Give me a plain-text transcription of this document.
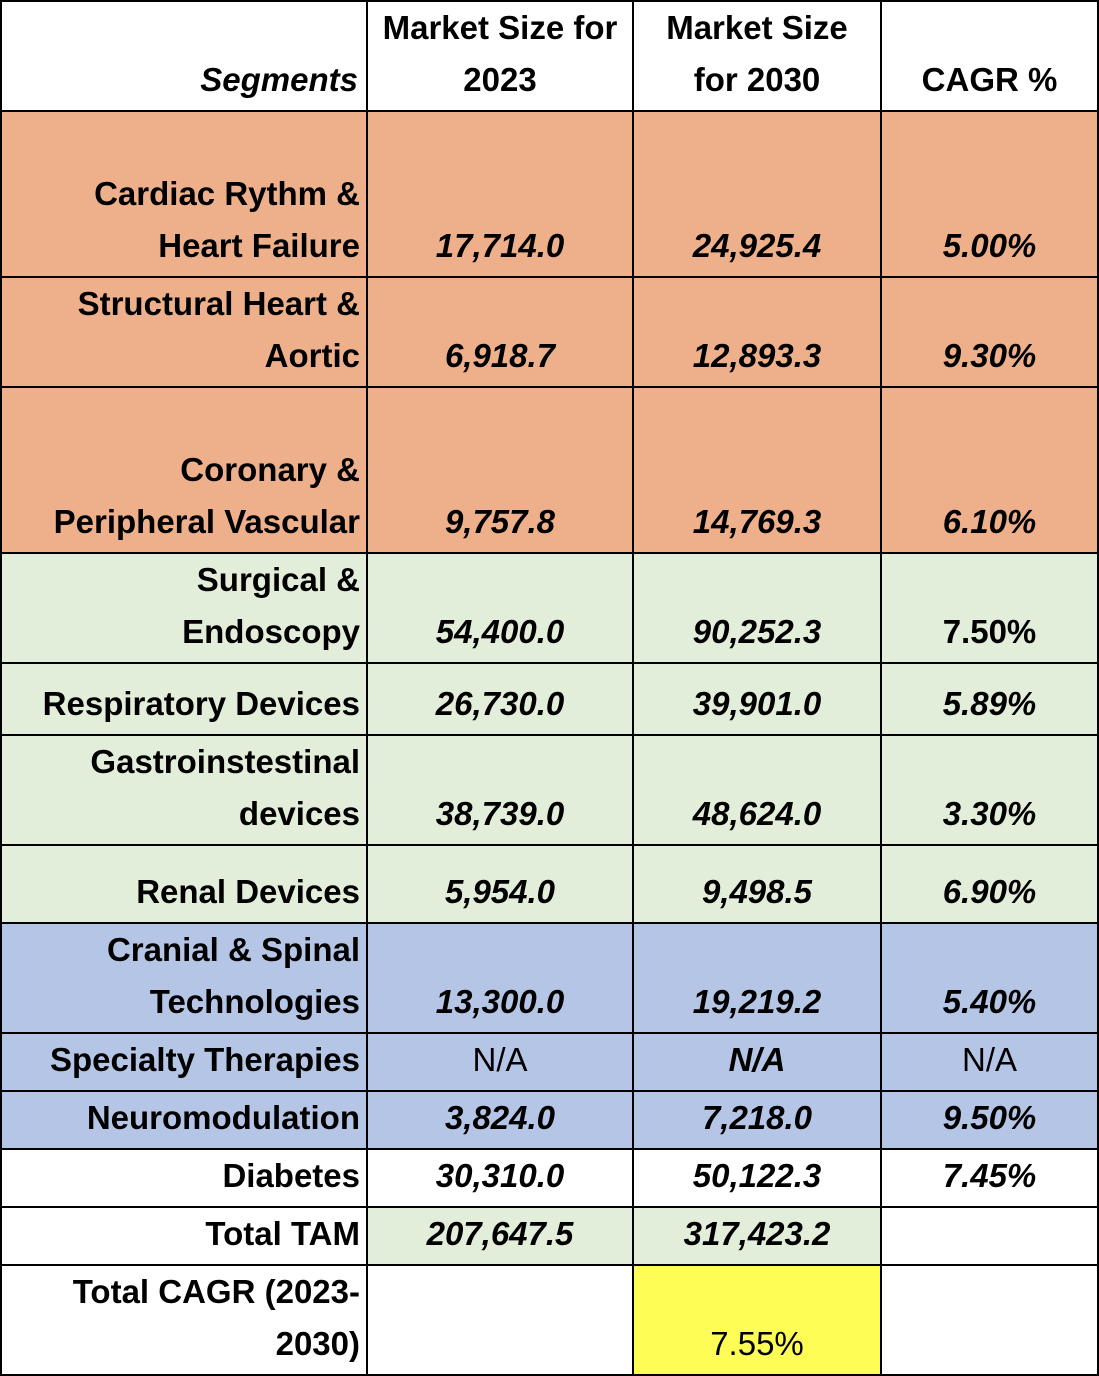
Segments	Market Size for 2023	Market Size for 2030	CAGR %
Cardiac Rythm & Heart Failure	17,714.0	24,925.4	5.00%
Structural Heart & Aortic	6,918.7	12,893.3	9.30%
Coronary & Peripheral Vascular	9,757.8	14,769.3	6.10%
Surgical & Endoscopy	54,400.0	90,252.3	7.50%
Respiratory Devices	26,730.0	39,901.0	5.89%
Gastroinstestinal devices	38,739.0	48,624.0	3.30%
Renal Devices	5,954.0	9,498.5	6.90%
Cranial & Spinal Technologies	13,300.0	19,219.2	5.40%
Specialty Therapies	N/A	N/A	N/A
Neuromodulation	3,824.0	7,218.0	9.50%
Diabetes	30,310.0	50,122.3	7.45%
Total TAM	207,647.5	317,423.2	
Total CAGR (2023-2030)		7.55%	
